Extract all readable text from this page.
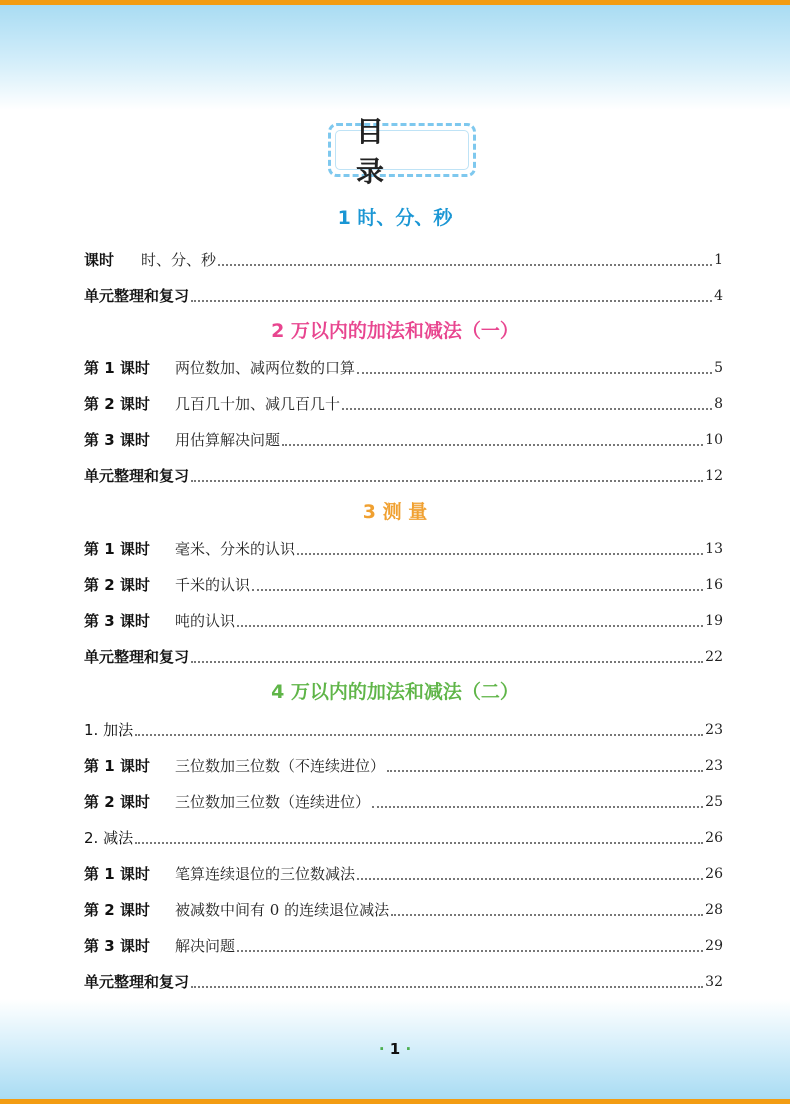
目 录
1 时、分、秒
课时	时、分、秒	1
单元整理和复习	4
2 万以内的加法和减法（一）
第 1 课时	两位数加、减两位数的口算	5
第 2 课时	几百几十加、减几百几十	8
第 3 课时	用估算解决问题	10
单元整理和复习	12
3 测 量
第 1 课时	毫米、分米的认识	13
第 2 课时	千米的认识	16
第 3 课时	吨的认识	19
单元整理和复习	22
4 万以内的加法和减法（二）
1. 加法	23
第 1 课时	三位数加三位数（不连续进位）	23
第 2 课时	三位数加三位数（连续进位）	25
2. 减法	26
第 1 课时	笔算连续退位的三位数减法	26
第 2 课时	被减数中间有 0 的连续退位减法	28
第 3 课时	解决问题	29
单元整理和复习	32
· 1 ·
